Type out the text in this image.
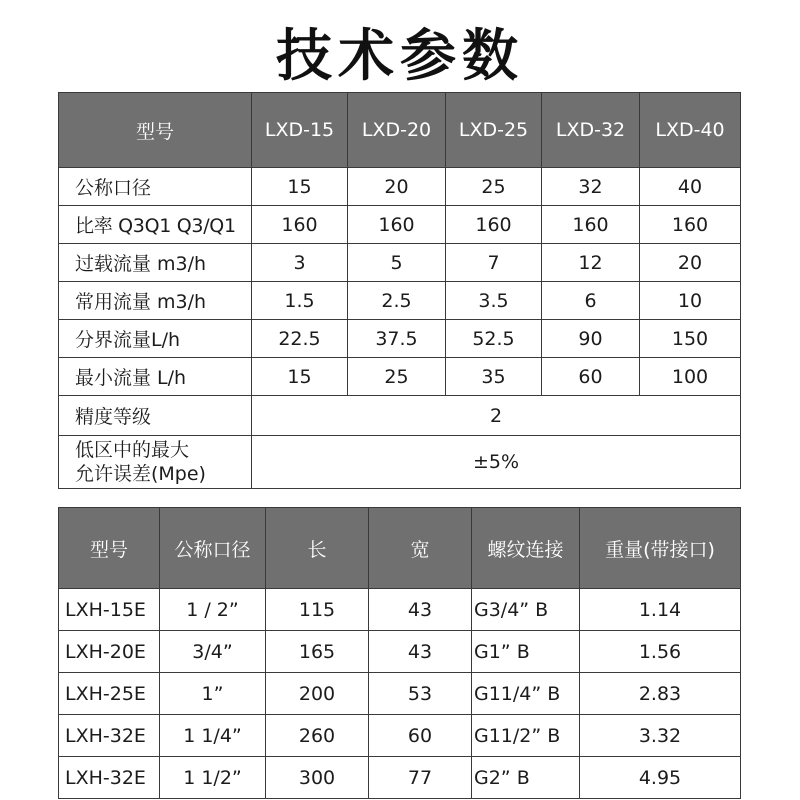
技术参数
型号	LXD-15	LXD-20	LXD-25	LXD-32	LXD-40
公称口径	15	20	25	32	40
比率 Q3Q1 Q3/Q1	160	160	160	160	160
过载流量 m3/h	3	5	7	12	20
常用流量 m3/h	1.5	2.5	3.5	6	10
分界流量L/h	22.5	37.5	52.5	90	150
最小流量 L/h	15	25	35	60	100
精度等级	2				

低区中的最大
允许误差(Mpe)	±5%				
型号	公称口径	长	宽	螺纹连接	重量(带接口)
LXH-15E	1 / 2”	115	43	G3/4” B	1.14
LXH-20E	3/4”	165	43	G1” B	1.56
LXH-25E	1”	200	53	G11/4” B	2.83
LXH-32E	1 1/4”	260	60	G11/2” B	3.32
LXH-32E	1 1/2”	300	77	G2” B	4.95
